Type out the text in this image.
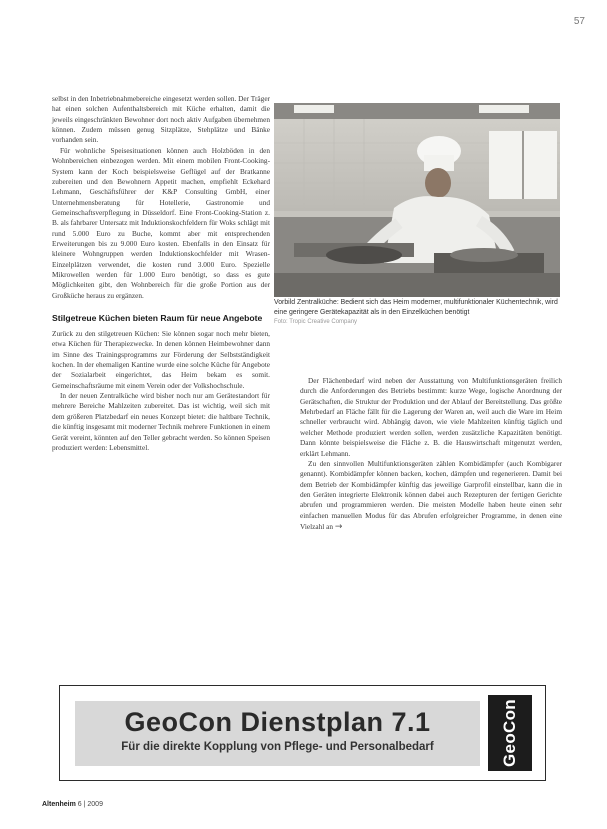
57

selbst in den Inbetriebnahmebereiche eingesetzt werden sollen. Der Träger hat einen solchen Aufenthaltsbereich mit Küche erhalten, damit die jeweils eingeschränkten Bewohner dort noch aktiv Aufgaben übernehmen können. Zudem müssen genug Sitzplätze, Stehplätze und Bänke vorhanden sein.

Für wohnliche Speisesituationen können auch Holzböden in den Wohnbereichen einbezogen werden. Mit einem mobilen Front-Cooking-System kann der Koch beispielsweise Geflügel auf der Bratkanne zubereiten und den Bewohnern Appetit machen, empfiehlt Eckehard Lehmann, Geschäftsführer der K&P Consulting GmbH, einer Unternehmensberatung für Hotellerie, Gastronomie und Gemeinschaftsverpflegung in Düsseldorf. Eine Front-Cooking-Station z. B. als fahrbarer Untersatz mit Induktionskochfeldern für Woks schlägt mit rund 5.000 Euro zu Buche, kommt aber mit entsprechenden Erweiterungen bis zu 9.000 Euro kosten. Ebenfalls in den Einsatz für kleinere Wohngruppen werden Induktionskochfelder mit Wrasen-Einzelplätzen verwendet, die kosten rund 3.000 Euro. Spezielle Mikrowellen werden für 1.000 Euro benötigt, so dass es gute Möglichkeiten gibt, den Wohnbereich für die große Portion aus der Großküche heraus zu ergänzen.

Stilgetreue Küchen bieten Raum für neue Angebote

Zurück zu den stilgetreuen Küchen: Sie können sogar noch mehr bieten, etwa Küchen für Therapiezwecke. In denen können Heimbewohner dann im Sinne des Trainingsprogramms zur Förderung der Selbstständigkeit kochen. In der ehemaligen Kantine wurde eine solche Küche für Angebote der Sozialarbeit eingerichtet, das Heim bekam es somit. Gemeinschaftsräume mit einem Verein oder der Volkshochschule.

In der neuen Zentralküche wird bisher noch nur am Gerätestandort für mehrere Bereiche Mahlzeiten zubereitet. Das ist wichtig, weil sich mit dem größeren Platzbedarf ein neues Konzept bietet: die haltbare Technik, die künftig insgesamt mit moderner Technik mehrere Funktionen in einem Gerät vereint, könnten auf den Teller gebracht werden. So können Speisen produziert werden: Lebensmittel.

Vorbild Zentralküche: Bedient sich das Heim moderner, multifunktionaler Küchentechnik, wird eine geringere Gerätekapazität als in den Einzelküchen benötigt
Foto: Tropic Creative Company

Der Flächenbedarf wird neben der Ausstattung von Multifunktionsgeräten freilich durch die Anforderungen des Betriebs bestimmt: kurze Wege, logische Anordnung der Gerätschaften, die Struktur der Produktion und der Ablauf der Bereitstellung. Das größte Mehrbedarf an Fläche fällt für die Lagerung der Waren an, weil auch die Ware im Heim schneller verbraucht wird. Abhängig davon, wie viele Mahlzeiten künftig täglich und welcher Methode produziert werden sollen, werden zusätzliche Kapazitäten benötigt. Dann könnte beispielsweise die Fläche z. B. die Hauswirtschaft mitgenutzt werden, erklärt Lehmann.

Zu den sinnvollen Multifunktionsgeräten zählen Kombidämpfer (auch Kombigarer genannt). Kombidämpfer können backen, kochen, dämpfen und regenerieren. Damit bei dem Betrieb der Kombidämpfer künftig das jeweilige Garprofil einstellbar, kann die in den Geräten integrierte Elektronik können dabei auch Rezepturen der fertigen Gerichte abrufen und programmieren werden. Die meisten Modelle haben heute einen sehr einfachen manuellen Modus für das Abrufen erfolgreicher Programme, in denen eine Vielzahl an →

GeoCon Dienstplan 7.1
Für die direkte Kopplung von Pflege- und Personalbedarf	GeoCon
Altenheim 6 | 2009
